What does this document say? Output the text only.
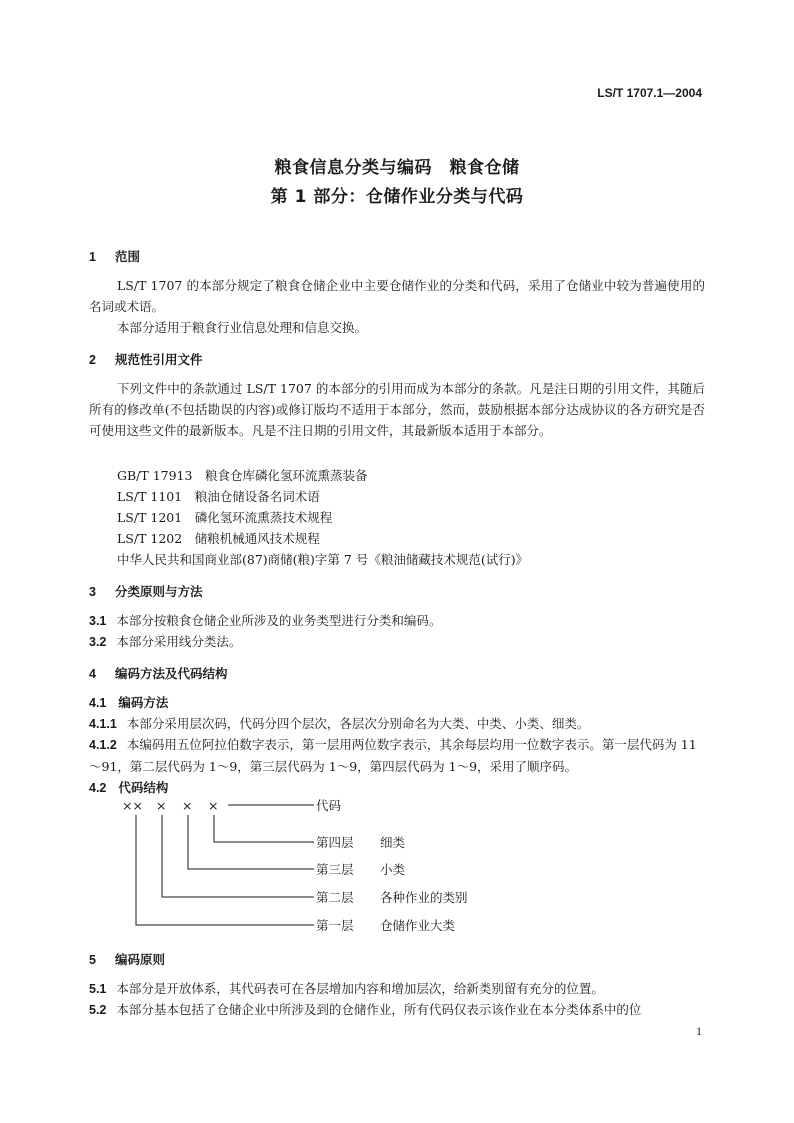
LS/T 1707.1—2004
粮食信息分类与编码　粮食仓储
第 1 部分：仓储作业分类与代码
1 范围
LS/T 1707 的本部分规定了粮食仓储企业中主要仓储作业的分类和代码，采用了仓储业中较为普遍使用的名词或术语。
本部分适用于粮食行业信息处理和信息交换。
2 规范性引用文件
下列文件中的条款通过 LS/T 1707 的本部分的引用而成为本部分的条款。凡是注日期的引用文件，其随后所有的修改单(不包括勘误的内容)或修订版均不适用于本部分，然而，鼓励根据本部分达成协议的各方研究是否可使用这些文件的最新版本。凡是不注日期的引用文件，其最新版本适用于本部分。
GB/T 17913　粮食仓库磷化氢环流熏蒸装备
LS/T 1101　粮油仓储设备名词术语
LS/T 1201　磷化氢环流熏蒸技术规程
LS/T 1202　储粮机械通风技术规程
中华人民共和国商业部(87)商储(粮)字第 7 号《粮油储藏技术规范(试行)》
3 分类原则与方法
3.1 本部分按粮食仓储企业所涉及的业务类型进行分类和编码。
3.2 本部分采用线分类法。
4 编码方法及代码结构
4.1 编码方法
4.1.1 本部分采用层次码，代码分四个层次，各层次分别命名为大类、中类、小类、细类。
4.1.2 本编码用五位阿拉伯数字表示，第一层用两位数字表示，其余每层均用一位数字表示。第一层代码为 11～91，第二层代码为 1～9，第三层代码为 1～9，第四层代码为 1～9，采用了顺序码。
4.2 代码结构
×× × × ×	代码
第四层 细类
第三层 小类
第二层 各种作业的类别
第一层 仓储作业大类
5 编码原则
5.1 本部分是开放体系，其代码表可在各层增加内容和增加层次，给新类别留有充分的位置。
5.2 本部分基本包括了仓储企业中所涉及到的仓储作业，所有代码仅表示该作业在本分类体系中的位
1
